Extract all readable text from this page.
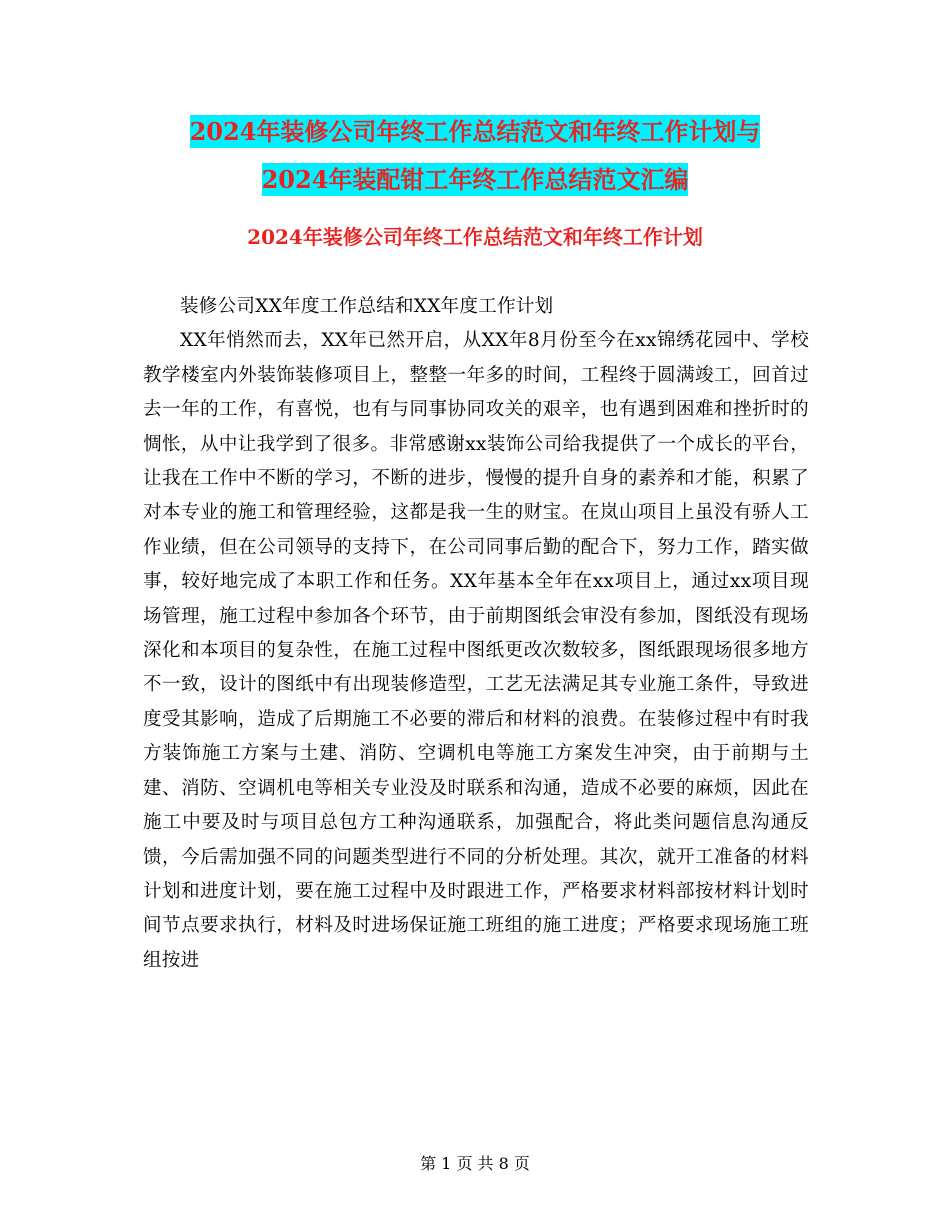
2024年装修公司年终工作总结范文和年终工作计划与
2024年装配钳工年终工作总结范文汇编
2024年装修公司年终工作总结范文和年终工作计划

装修公司XX年度工作总结和XX年度工作计划

XX年悄然而去，XX年已然开启，从XX年8月份至今在xx锦绣花园中、学校教学楼室内外装饰装修项目上，整整一年多的时间，工程终于圆满竣工，回首过去一年的工作，有喜悦，也有与同事协同攻关的艰辛，也有遇到困难和挫折时的惆怅，从中让我学到了很多。非常感谢xx装饰公司给我提供了一个成长的平台，让我在工作中不断的学习，不断的进步，慢慢的提升自身的素养和才能，积累了对本专业的施工和管理经验，这都是我一生的财宝。在岚山项目上虽没有骄人工作业绩，但在公司领导的支持下，在公司同事后勤的配合下，努力工作，踏实做事，较好地完成了本职工作和任务。XX年基本全年在xx项目上，通过xx项目现场管理，施工过程中参加各个环节，由于前期图纸会审没有参加，图纸没有现场深化和本项目的复杂性，在施工过程中图纸更改次数较多，图纸跟现场很多地方不一致，设计的图纸中有出现装修造型，工艺无法满足其专业施工条件，导致进度受其影响，造成了后期施工不必要的滞后和材料的浪费。在装修过程中有时我方装饰施工方案与土建、消防、空调机电等施工方案发生冲突，由于前期与土建、消防、空调机电等相关专业没及时联系和沟通，造成不必要的麻烦，因此在施工中要及时与项目总包方工种沟通联系，加强配合，将此类问题信息沟通反馈，今后需加强不同的问题类型进行不同的分析处理。其次，就开工准备的材料计划和进度计划，要在施工过程中及时跟进工作，严格要求材料部按材料计划时间节点要求执行，材料及时进场保证施工班组的施工进度；严格要求现场施工班组按进

第 1 页 共 8 页
